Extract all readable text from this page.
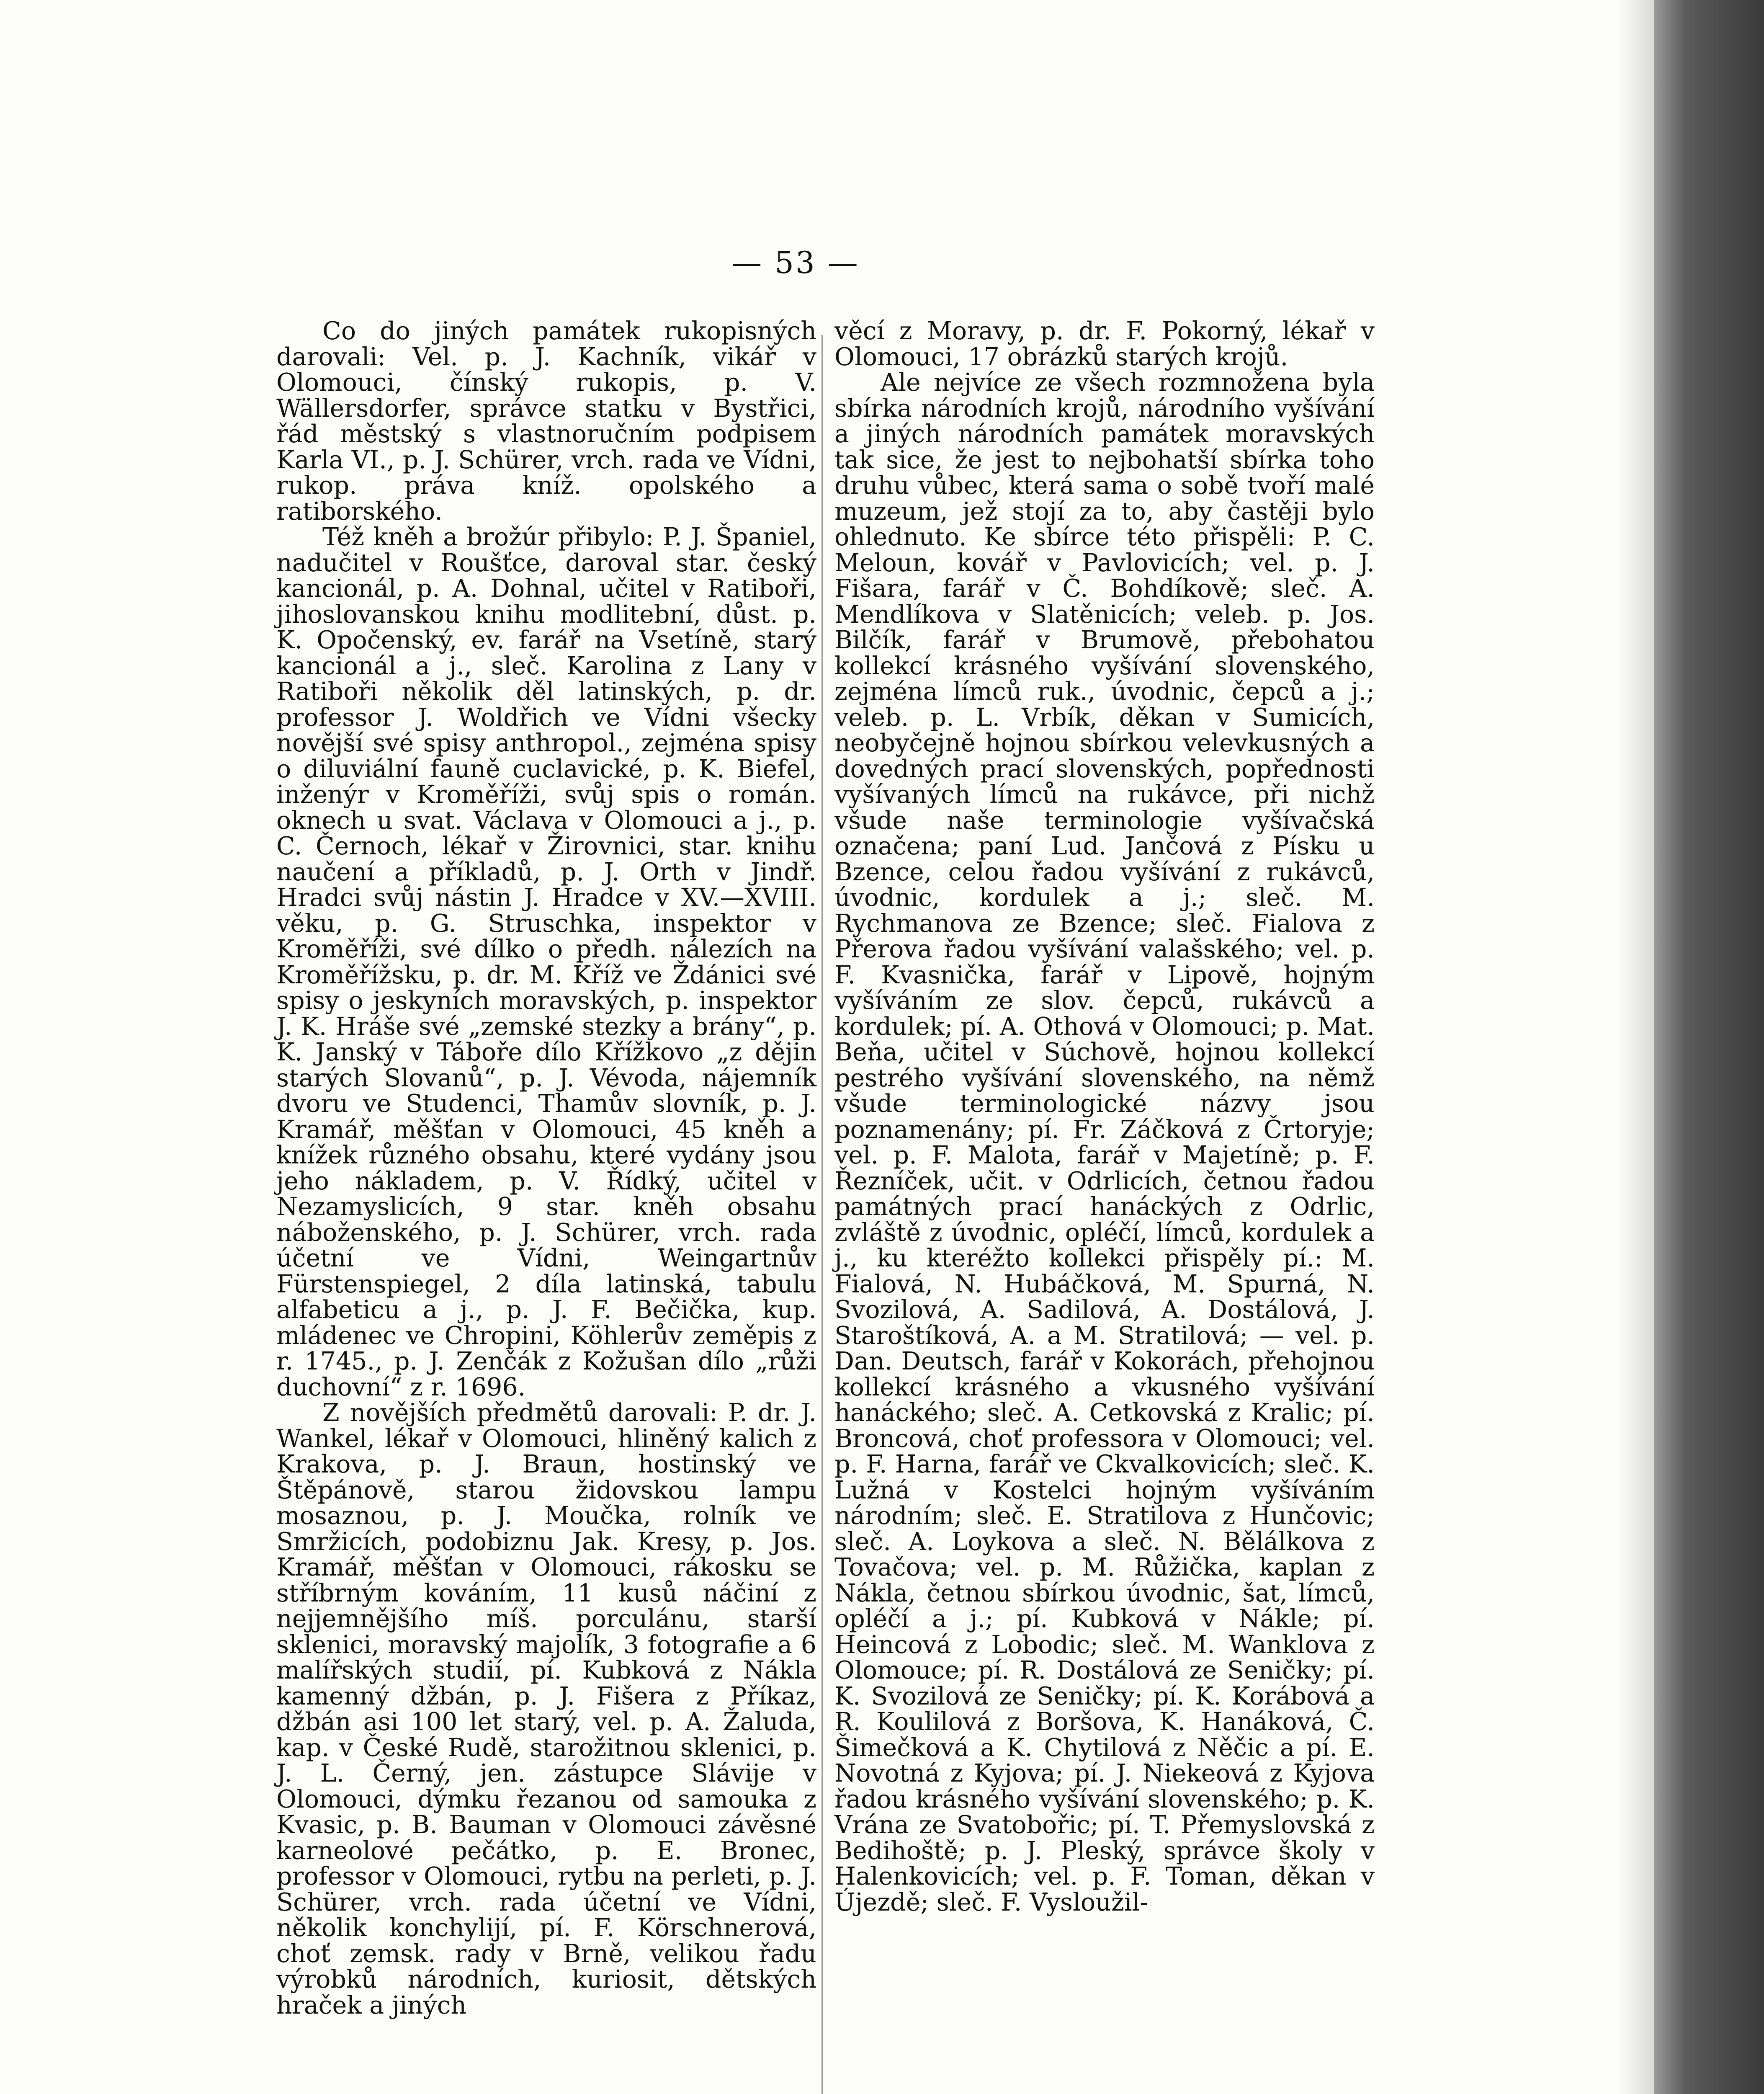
— 53 —

Co do jiných památek rukopisných darovali: Vel. p. J. Kachník, vikář v Olomouci, čínský rukopis, p. V. Wällersdorfer, správce statku v Bystřici, řád městský s vlastnoručním podpisem Karla VI., p. J. Schürer, vrch. rada ve Vídni, rukop. práva kníž. opolského a ratiborského.

Též kněh a brožúr přibylo: P. J. Španiel, nadučitel v Roušťce, daroval star. český kancionál, p. A. Dohnal, učitel v Ratiboři, jihoslovanskou knihu modlitební, důst. p. K. Opočenský, ev. farář na Vsetíně, starý kancionál a j., sleč. Karolina z Lany v Ratiboři několik děl latinských, p. dr. professor J. Woldřich ve Vídni všecky novější své spisy anthropol., zejména spisy o diluviální fauně cuclavické, p. K. Biefel, inženýr v Kroměříži, svůj spis o román. oknech u svat. Václava v Olomouci a j., p. C. Černoch, lékař v Žirovnici, star. knihu naučení a příkladů, p. J. Orth v Jindř. Hradci svůj nástin J. Hradce v XV.—XVIII. věku, p. G. Struschka, inspektor v Kroměříži, své dílko o předh. nálezích na Kroměřížsku, p. dr. M. Kříž ve Ždánici své spisy o jeskyních moravských, p. inspektor J. K. Hráše své „zemské stezky a brány“, p. K. Janský v Táboře dílo Křížkovo „z dějin starých Slovanů“, p. J. Vévoda, nájemník dvoru ve Studenci, Thamův slovník, p. J. Kramář, měšťan v Olomouci, 45 kněh a knížek různého obsahu, které vydány jsou jeho nákladem, p. V. Řídký, učitel v Nezamyslicích, 9 star. kněh obsahu náboženského, p. J. Schürer, vrch. rada účetní ve Vídni, Weingartnův Fürstenspiegel, 2 díla latinská, tabulu alfabeticu a j., p. J. F. Bečička, kup. mládenec ve Chropini, Köhlerův zeměpis z r. 1745., p. J. Zenčák z Kožušan dílo „růži duchovní“ z r. 1696.

Z novějších předmětů darovali: P. dr. J. Wankel, lékař v Olomouci, hliněný kalich z Krakova, p. J. Braun, hostinský ve Štěpánově, starou židovskou lampu mosaznou, p. J. Moučka, rolník ve Smržicích, podobiznu Jak. Kresy, p. Jos. Kramář, měšťan v Olomouci, rákosku se stříbrným kováním, 11 kusů náčiní z nejjemnějšího míš. porculánu, starší sklenici, moravský majolík, 3 fotografie a 6 malířských studií, pí. Kubková z Nákla kamenný džbán, p. J. Fišera z Příkaz, džbán asi 100 let starý, vel. p. A. Žaluda, kap. v České Rudě, starožitnou sklenici, p. J. L. Černý, jen. zástupce Slávije v Olomouci, dýmku řezanou od samouka z Kvasic, p. B. Bauman v Olomouci závěsné karneolové pečátko, p. E. Bronec, professor v Olomouci, rytbu na perleti, p. J. Schürer, vrch. rada účetní ve Vídni, několik konchylijí, pí. F. Körschnerová, choť zemsk. rady v Brně, velikou řadu výrobků národních, kuriosit, dětských hraček a jiných

věcí z Moravy, p. dr. F. Pokorný, lékař v Olomouci, 17 obrázků starých krojů.

Ale nejvíce ze všech rozmnožena byla sbírka národních krojů, národního vyšívání a jiných národních památek moravských tak sice, že jest to nejbohatší sbírka toho druhu vůbec, která sama o sobě tvoří malé muzeum, jež stojí za to, aby častěji bylo ohlednuto. Ke sbírce této přispěli: P. C. Meloun, kovář v Pavlovicích; vel. p. J. Fišara, farář v Č. Bohdíkově; slеč. A. Mendlíkova v Slatěnicích; veleb. p. Jos. Bilčík, farář v Brumově, přebohatou kollekcí krásného vyšívání slovenského, zejména límců ruk., úvodnic, čepců a j.; veleb. p. L. Vrbík, děkan v Sumicích, neobyčejně hojnou sbírkou velevkusných a dovedných prací slovenských, popřednosti vyšívaných límců na rukávce, při nichž všude naše terminologie vyšívačská označena; paní Lud. Jančová z Písku u Bzence, celou řadou vyšívání z rukávců, úvodnic, kordulek a j.; slеč. M. Rychmanova ze Bzence; slеč. Fialova z Přerova řadou vyšívání valašského; vel. p. F. Kvasnička, farář v Lipově, hojným vyšíváním ze slov. čepců, rukávců a kordulek; pí. A. Othová v Olomouci; p. Mat. Beňa, učitel v Súchově, hojnou kollekcí pestrého vyšívání slovenského, na němž všude terminologické názvy jsou poznamenány; pí. Fr. Záčková z Črtoryje; vel. p. F. Malota, farář v Majetíně; p. F. Řezníček, učit. v Odrlicích, četnou řadou památných prací hanáckých z Odrlic, zvláště z úvodnic, opléčí, límců, kordulek a j., ku kteréžto kollekci přispěly pí.: M. Fialová, N. Hubáčková, M. Spurná, N. Svozilová, A. Sadilová, A. Dostálová, J. Staroštíková, A. a M. Stratilová; — vel. p. Dan. Deutsch, farář v Kokorách, přehojnou kollekcí krásného a vkusného vyšívání hanáckého; slеč. A. Cetkovská z Kralic; pí. Broncová, choť professora v Olomouci; vel. p. F. Harna, farář ve Ckvalkovicích; slеč. K. Lužná v Kostelci hojným vyšíváním národním; slеč. E. Stratilova z Hunčovic; slеč. A. Loykova a slеč. N. Bělálkova z Tovačova; vel. p. M. Růžička, kaplan z Nákla, četnou sbírkou úvodnic, šat, límců, opléčí a j.; pí. Kubková v Nákle; pí. Heincová z Lobodic; slеč. M. Wanklova z Olomouce; pí. R. Dostálová ze Seničky; pí. K. Svozilová ze Seničky; pí. K. Korábová a R. Koulilová z Boršova, K. Hanáková, Č. Šimečková a K. Chytilová z Něčic a pí. E. Novotná z Kyjova; pí. J. Niekeová z Kyjova řadou krásného vyšívání slovenského; p. K. Vrána ze Svatobořic; pí. T. Přemyslovská z Bedihoště; p. J. Pleský, správce školy v Halenkovicích; vel. p. F. Toman, děkan v Újezdě; slеč. F. Vysloužil-
